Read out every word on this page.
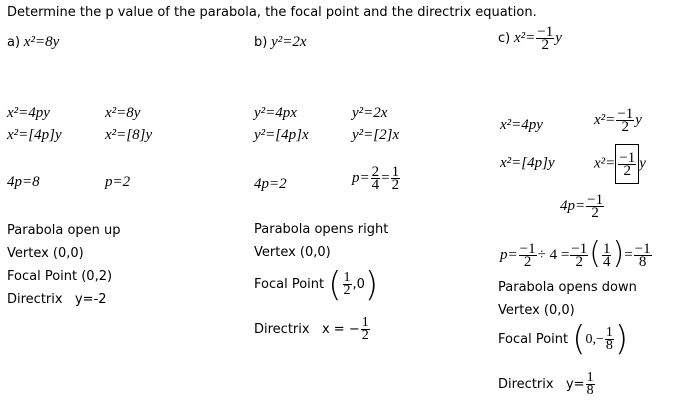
Determine the p value of the parabola, the focal point and the directrix equation.
a) x²=8y	b) y²=2x	c) $x^2= \frac{-1}{2}$ y
x²=4py	x²=8y
x²=[4p]y	x²=[8]y
4p=8	p=2
Parabola open up
Vertex (0,0)
Focal Point (0,2)
Directrix y=-2
y²=4px	y²=2x
y²=[4p]x	y²=[2]x
4p=2	$p= \frac{2}{4} = \frac{1}{2}$
Parabola opens right
Vertex (0,0)
Focal Point ( $\frac{1}{2} ,0$)
Directrix x = − $\frac{1}{2}$
x²=4py	$x^2= \frac{-1}{2}$ y
x²=[4p]y	$x^2= \frac{-1}{2}$ y
$4p= \frac{-1}{2}$
$p= \frac{-1}{2} \div 4 = \frac{-1}{2}$ ( $\frac{1}{4}$ )= $\frac{-1}{8}$
Parabola opens down
Vertex (0,0)
Focal Point ($0,- \frac{1}{8}$ )
Directrix $y= \frac{1}{8}$
